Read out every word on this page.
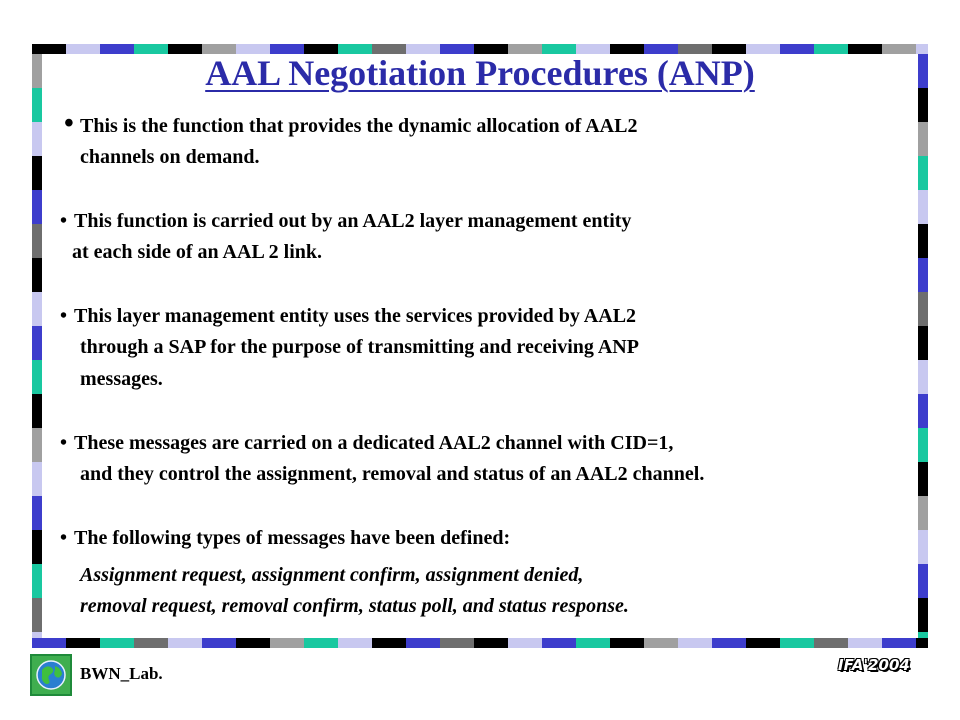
AAL Negotiation Procedures (ANP)
• This is the function that provides the dynamic allocation of AAL2
channels on demand.
• This function is carried out by an AAL2 layer management entity
at each side of an AAL 2 link.
• This layer management entity uses the services provided by AAL2
through a SAP for the purpose of transmitting and receiving ANP
messages.
• These messages are carried on a dedicated AAL2 channel with CID=1,
and they control the assignment, removal and status of an AAL2 channel.
• The following types of messages have been defined:
Assignment request, assignment confirm, assignment denied,
removal request, removal confirm, status poll, and status response.
BWN_Lab.	IFA'2004
